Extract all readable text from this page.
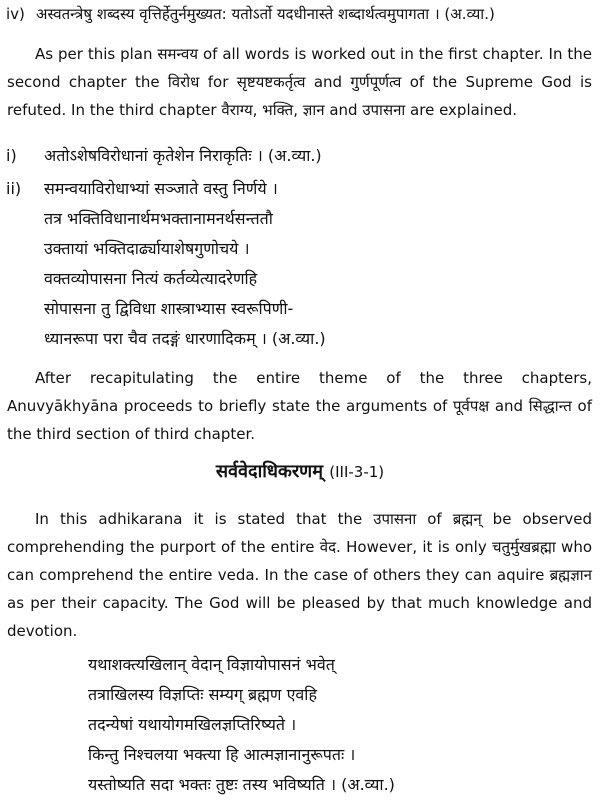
iv) अस्वतन्त्रेषु शब्दस्य वृत्तिर्हेतुर्नमुख्यत: यतोऽर्तो यदधीनास्ते शब्दार्थत्वमुपागता । (अ.व्या.)
As per this plan समन्वय of all words is worked out in the first chapter. In the second chapter the विरोध for सृष्टयष्टकर्तृत्व and गुर्णपूर्णत्व of the Supreme God is refuted. In the third chapter वैराग्य, भक्ति, ज्ञान and उपासना are explained.
i) अतोऽशेषविरोधानां कृतेशेन निराकृतिः । (अ.व्या.)
ii) समन्वयाविरोधाभ्यां सञ्जाते वस्तु निर्णये ।
तत्र भक्तिविधानार्थमभक्तानामनर्थसन्ततौ
उक्तायां भक्तिदार्ढ्यायाशेषगुणोचये ।
वक्तव्योपासना नित्यं कर्तव्येत्यादरेणहि
सोपासना तु द्विविधा शास्त्राभ्यास स्वरूपिणी-
ध्यानरूपा परा चैव तदङ्गं धारणादिकम् । (अ.व्या.)
After recapitulating the entire theme of the three chapters, Anuvyākhyāna proceeds to briefly state the arguments of पूर्वपक्ष and सिद्धान्त of the third section of third chapter.
सर्ववेदाधिकरणम् (III-3-1)
In this adhikarana it is stated that the उपासना of ब्रह्मन् be observed comprehending the purport of the entire वेद. However, it is only चतुर्मुखब्रह्मा who can comprehend the entire veda. In the case of others they can aquire ब्रह्मज्ञान as per their capacity. The God will be pleased by that much knowledge and devotion.
यथाशक्त्यखिलान् वेदान् विज्ञायोपासनं भवेत्
तत्राखिलस्य विज्ञप्तिः सम्यग् ब्रह्मण एवहि
तदन्येषां यथायोगमखिलज्ञप्तिरिष्यते ।
किन्तु निश्चलया भक्त्या हि आत्मज्ञानानुरूपतः ।
यस्तोष्यति सदा भक्तः तुष्टः तस्य भविष्यति । (अ.व्या.)
